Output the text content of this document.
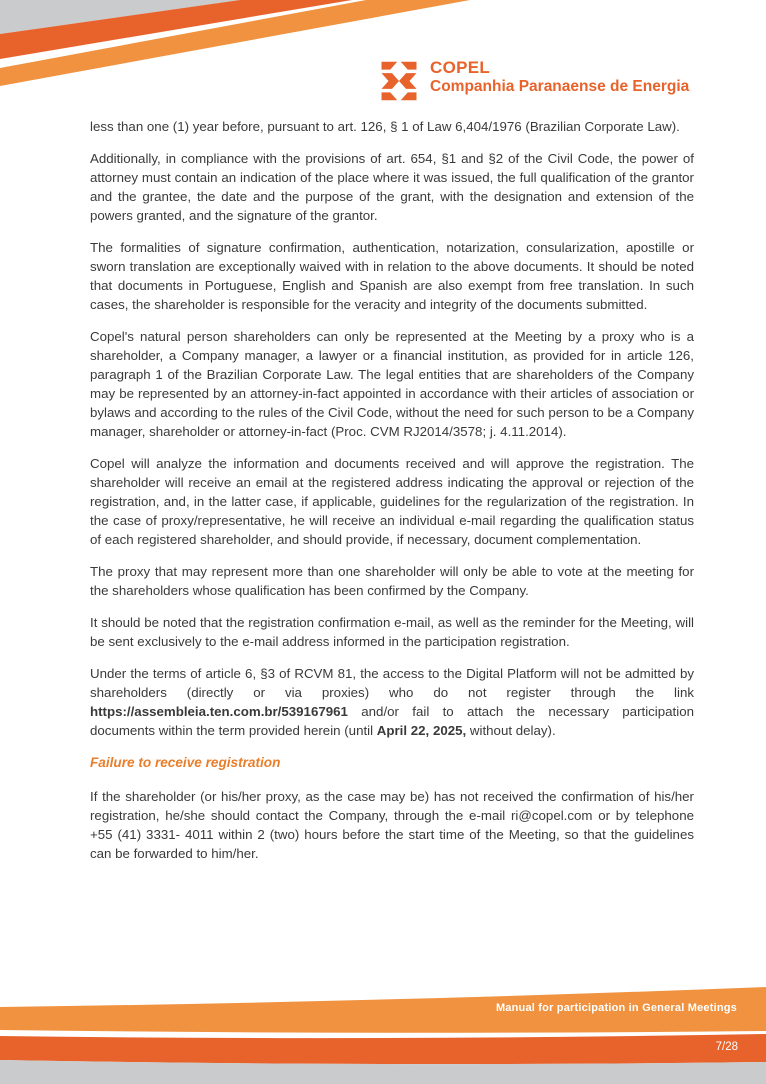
COPEL
Companhia Paranaense de Energia

less than one (1) year before, pursuant to art. 126, § 1 of Law 6,404/1976 (Brazilian Corporate Law).

Additionally, in compliance with the provisions of art. 654, §1 and §2 of the Civil Code, the power of attorney must contain an indication of the place where it was issued, the full qualification of the grantor and the grantee, the date and the purpose of the grant, with the designation and extension of the powers granted, and the signature of the grantor.

The formalities of signature confirmation, authentication, notarization, consularization, apostille or sworn translation are exceptionally waived with in relation to the above documents. It should be noted that documents in Portuguese, English and Spanish are also exempt from free translation. In such cases, the shareholder is responsible for the veracity and integrity of the documents submitted.

Copel's natural person shareholders can only be represented at the Meeting by a proxy who is a shareholder, a Company manager, a lawyer or a financial institution, as provided for in article 126, paragraph 1 of the Brazilian Corporate Law. The legal entities that are shareholders of the Company may be represented by an attorney-in-fact appointed in accordance with their articles of association or bylaws and according to the rules of the Civil Code, without the need for such person to be a Company manager, shareholder or attorney-in-fact (Proc. CVM RJ2014/3578; j. 4.11.2014).

Copel will analyze the information and documents received and will approve the registration. The shareholder will receive an email at the registered address indicating the approval or rejection of the registration, and, in the latter case, if applicable, guidelines for the regularization of the registration. In the case of proxy/representative, he will receive an individual e-mail regarding the qualification status of each registered shareholder, and should provide, if necessary, document complementation.

The proxy that may represent more than one shareholder will only be able to vote at the meeting for the shareholders whose qualification has been confirmed by the Company.

It should be noted that the registration confirmation e-mail, as well as the reminder for the Meeting, will be sent exclusively to the e-mail address informed in the participation registration.

Under the terms of article 6, §3 of RCVM 81, the access to the Digital Platform will not be admitted by shareholders (directly or via proxies) who do not register through the link https://assembleia.ten.com.br/539167961 and/or fail to attach the necessary participation documents within the term provided herein (until April 22, 2025, without delay).

Failure to receive registration

If the shareholder (or his/her proxy, as the case may be) has not received the confirmation of his/her registration, he/she should contact the Company, through the e-mail ri@copel.com or by telephone +55 (41) 3331- 4011 within 2 (two) hours before the start time of the Meeting, so that the guidelines can be forwarded to him/her.

Manual for participation in General Meetings
7/28
